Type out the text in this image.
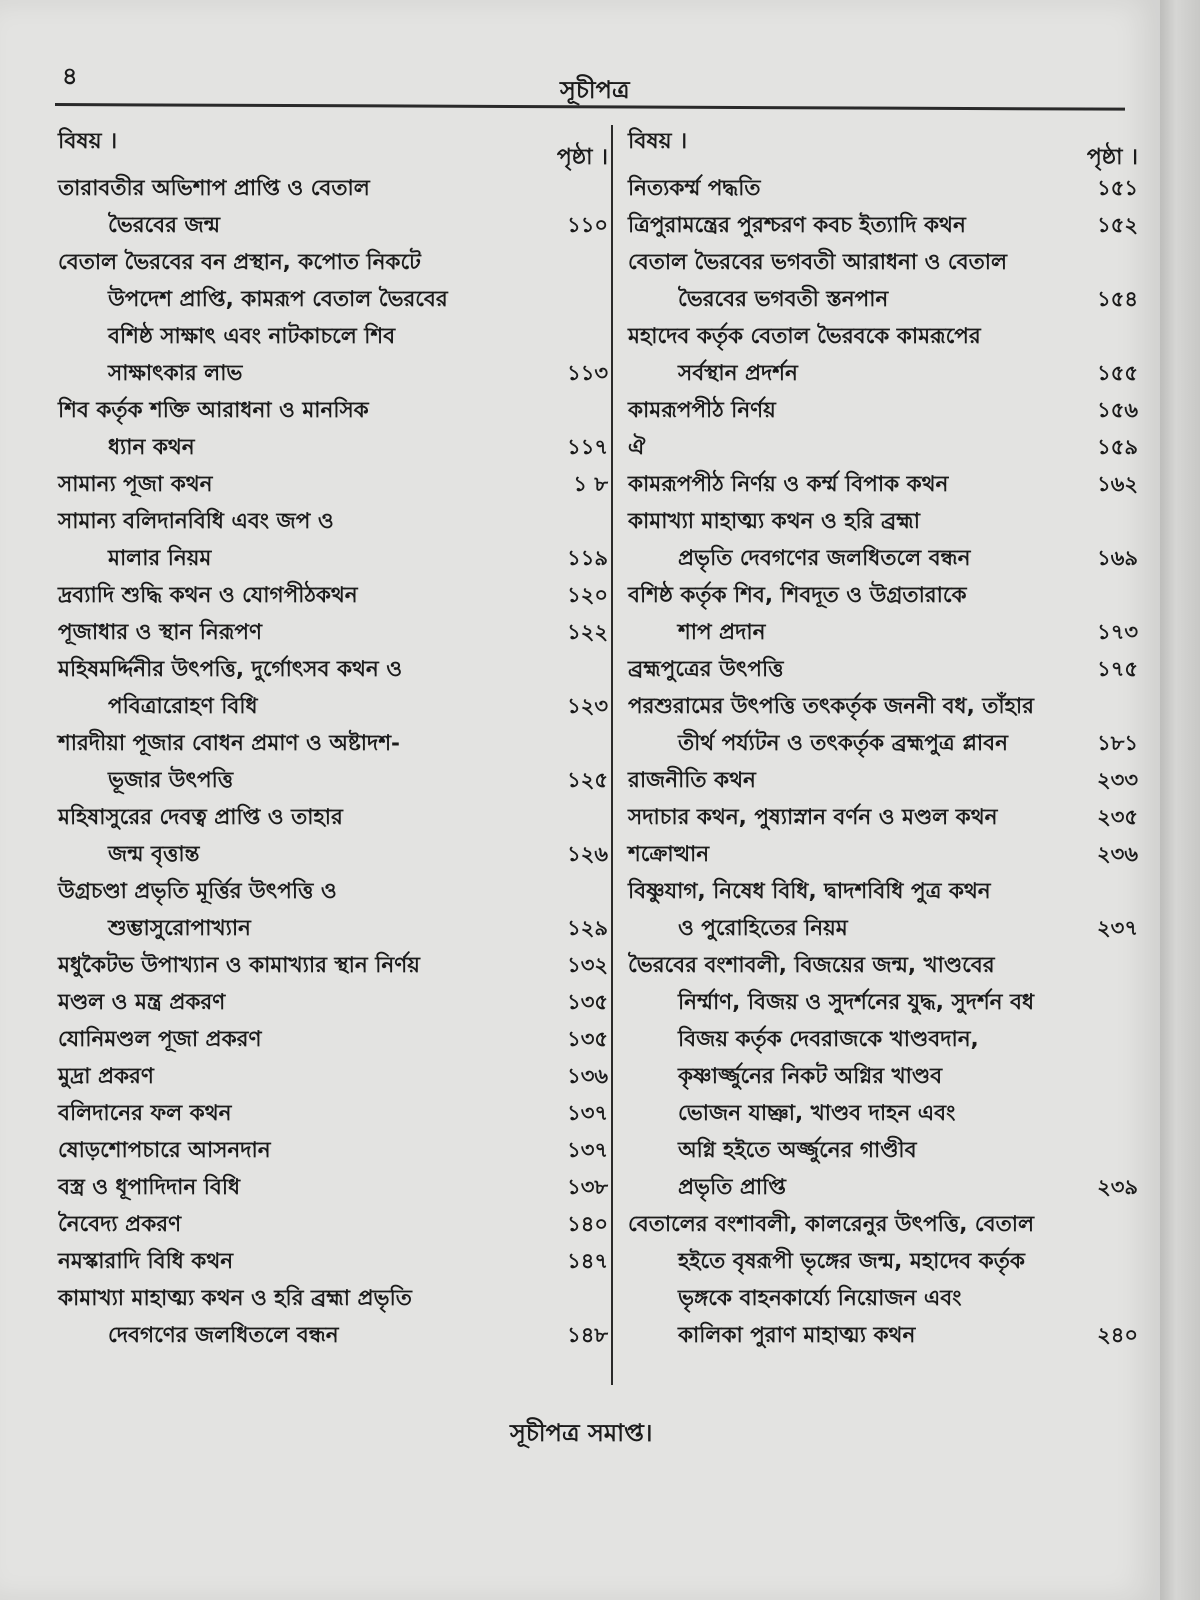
৪	সূচীপত্র
বিষয় ।
পৃষ্ঠা ।
তারাবতীর অভিশাপ প্রাপ্তি ও বেতাল
ভৈরবের জন্ম	১১০
বেতাল ভৈরবের বন প্রস্থান, কপোত নিকটে
উপদেশ প্রাপ্তি, কামরূপ বেতাল ভৈরবের
বশিষ্ঠ সাক্ষাৎ এবং নাটকাচলে শিব
সাক্ষাৎকার লাভ	১১৩
শিব কর্তৃক শক্তি আরাধনা ও মানসিক
ধ্যান কথন	১১৭
সামান্য পূজা কথন	১ ৮
সামান্য বলিদানবিধি এবং জপ ও
মালার নিয়ম	১১৯
দ্রব্যাদি শুদ্ধি কথন ও যোগপীঠকথন	১২০
পূজাধার ও স্থান নিরূপণ	১২২
মহিষমর্দ্দিনীর উৎপত্তি, দুর্গোৎসব কথন ও
পবিত্রারোহণ বিধি	১২৩
শারদীয়া পূজার বোধন প্রমাণ ও অষ্টাদশ-
ভূজার উৎপত্তি	১২৫
মহিষাসুরের দেবত্ব প্রাপ্তি ও তাহার
জন্ম বৃত্তান্ত	১২৬
উগ্রচণ্ডা প্রভৃতি মূর্ত্তির উৎপত্তি ও
শুম্ভাসুরোপাখ্যান	১২৯
মধুকৈটভ উপাখ্যান ও কামাখ্যার স্থান নির্ণয়	১৩২
মণ্ডল ও মন্ত্র প্রকরণ	১৩৫
যোনিমণ্ডল পূজা প্রকরণ	১৩৫
মুদ্রা প্রকরণ	১৩৬
বলিদানের ফল কথন	১৩৭
ষোড়শোপচারে আসনদান	১৩৭
বস্ত্র ও ধূপাদিদান বিধি	১৩৮
নৈবেদ্য প্রকরণ	১৪০
নমস্কারাদি বিধি কথন	১৪৭
কামাখ্যা মাহাত্ম্য কথন ও হরি ব্রহ্মা প্রভৃতি
দেবগণের জলধিতলে বন্ধন	১৪৮
বিষয় ।
পৃষ্ঠা ।
নিত্যকর্ম্ম পদ্ধতি	১৫১
ত্রিপুরামন্ত্রের পুরশ্চরণ কবচ ইত্যাদি কথন	১৫২
বেতাল ভৈরবের ভগবতী আরাধনা ও বেতাল
ভৈরবের ভগবতী স্তনপান	১৫৪
মহাদেব কর্তৃক বেতাল ভৈরবকে কামরূপের
সর্বস্থান প্রদর্শন	১৫৫
কামরূপপীঠ নির্ণয়	১৫৬
ঐ	১৫৯
কামরূপপীঠ নির্ণয় ও কর্ম্ম বিপাক কথন	১৬২
কামাখ্যা মাহাত্ম্য কথন ও হরি ব্রহ্মা
প্রভৃতি দেবগণের জলধিতলে বন্ধন	১৬৯
বশিষ্ঠ কর্তৃক শিব, শিবদূত ও উগ্রতারাকে
শাপ প্রদান	১৭৩
ব্রহ্মপুত্রের উৎপত্তি	১৭৫
পরশুরামের উৎপত্তি তৎকর্তৃক জননী বধ, তাঁহার
তীর্থ পর্য্যটন ও তৎকর্তৃক ব্রহ্মপুত্র প্লাবন	১৮১
রাজনীতি কথন	২৩৩
সদাচার কথন, পুষ্যাস্নান বর্ণন ও মণ্ডল কথন	২৩৫
শক্রোত্থান	২৩৬
বিষ্ণুযাগ, নিষেধ বিধি, দ্বাদশবিধি পুত্র কথন
ও পুরোহিতের নিয়ম	২৩৭
ভৈরবের বংশাবলী, বিজয়ের জন্ম, খাণ্ডবের
নির্ম্মাণ, বিজয় ও সুদর্শনের যুদ্ধ, সুদর্শন বধ
বিজয় কর্তৃক দেবরাজকে খাণ্ডবদান,
কৃষ্ণার্জ্জুনের নিকট অগ্নির খাণ্ডব
ভোজন যাচ্ঞা, খাণ্ডব দাহন এবং
অগ্নি হইতে অর্জ্জুনের গাণ্ডীব
প্রভৃতি প্রাপ্তি	২৩৯
বেতালের বংশাবলী, কালরেনুর উৎপত্তি, বেতাল
হইতে বৃষরূপী ভৃঙ্গের জন্ম, মহাদেব কর্তৃক
ভৃঙ্গকে বাহনকার্য্যে নিয়োজন এবং
কালিকা পুরাণ মাহাত্ম্য কথন	২৪০
সূচীপত্র সমাপ্ত।
